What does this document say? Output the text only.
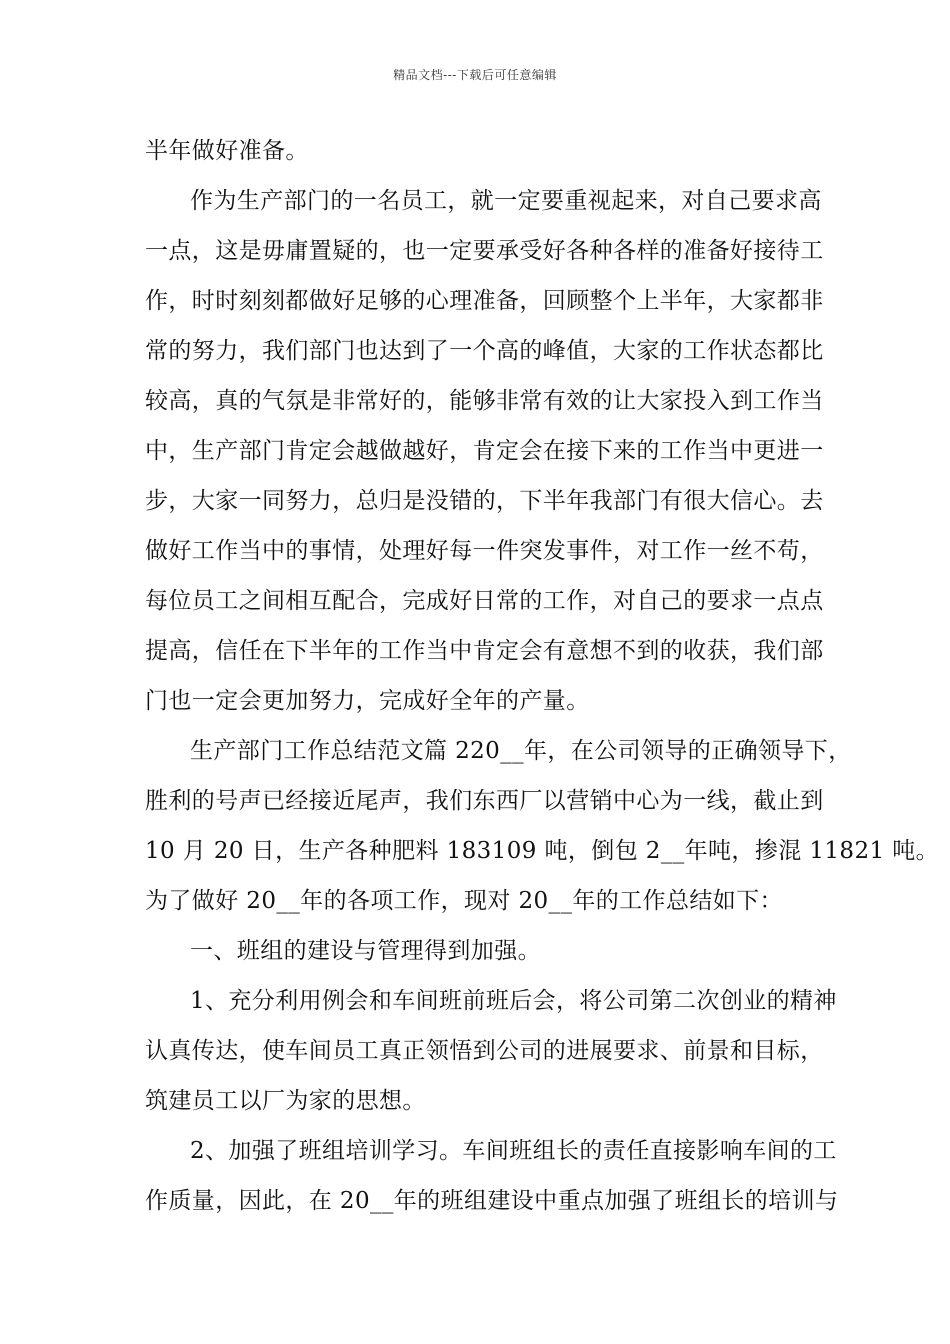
精品文档---下载后可任意编辑
半年做好准备。
作为生产部门的一名员工，就一定要重视起来，对自己要求高
一点，这是毋庸置疑的，也一定要承受好各种各样的准备好接待工
作，时时刻刻都做好足够的心理准备，回顾整个上半年，大家都非
常的努力，我们部门也达到了一个高的峰值，大家的工作状态都比
较高，真的气氛是非常好的，能够非常有效的让大家投入到工作当
中，生产部门肯定会越做越好，肯定会在接下来的工作当中更进一
步，大家一同努力，总归是没错的，下半年我部门有很大信心。去
做好工作当中的事情，处理好每一件突发事件，对工作一丝不苟，
每位员工之间相互配合，完成好日常的工作，对自己的要求一点点
提高，信任在下半年的工作当中肯定会有意想不到的收获，我们部
门也一定会更加努力，完成好全年的产量。
生产部门工作总结范文篇 220__年，在公司领导的正确领导下，
胜利的号声已经接近尾声，我们东西厂以营销中心为一线，截止到
10 月 20 日，生产各种肥料 183109 吨，倒包 2__年吨，掺混 11821 吨。
为了做好 20__年的各项工作，现对 20__年的工作总结如下：
一、班组的建设与管理得到加强。
1、充分利用例会和车间班前班后会，将公司第二次创业的精神
认真传达，使车间员工真正领悟到公司的进展要求、前景和目标，
筑建员工以厂为家的思想。
2、加强了班组培训学习。车间班组长的责任直接影响车间的工
作质量，因此，在 20__年的班组建设中重点加强了班组长的培训与
